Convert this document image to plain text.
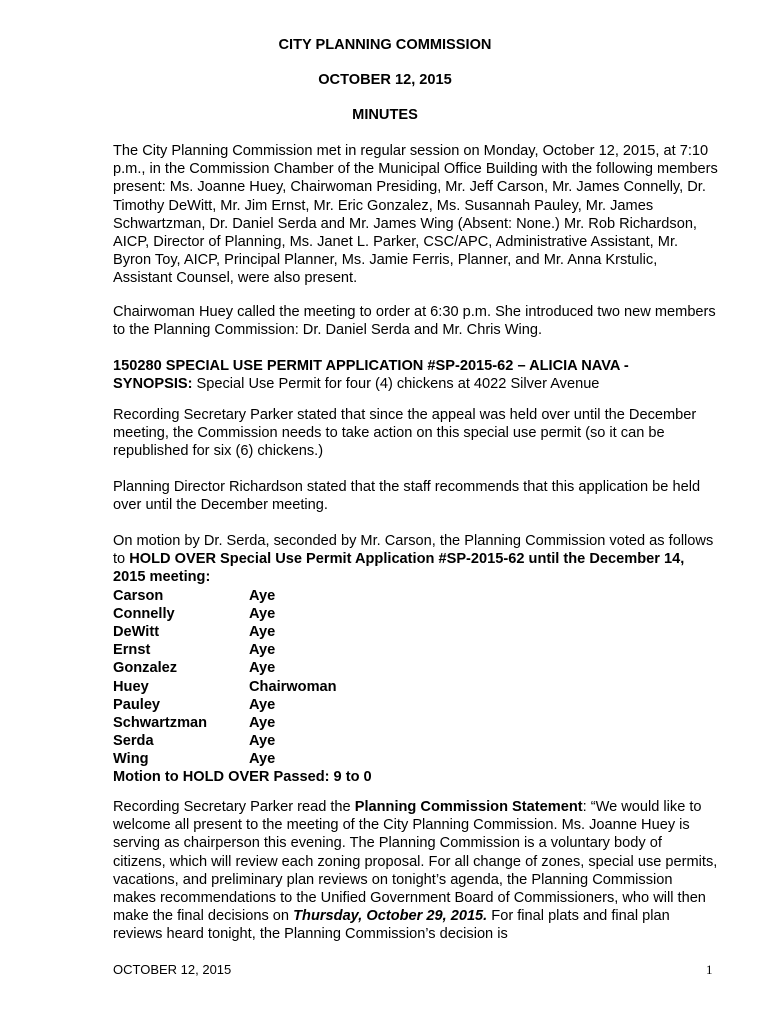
CITY PLANNING COMMISSION
OCTOBER 12, 2015
MINUTES
The City Planning Commission met in regular session on Monday, October 12, 2015, at 7:10 p.m., in the Commission Chamber of the Municipal Office Building with the following members present: Ms. Joanne Huey, Chairwoman Presiding, Mr. Jeff Carson, Mr. James Connelly, Dr. Timothy DeWitt, Mr. Jim Ernst, Mr. Eric Gonzalez, Ms. Susannah Pauley, Mr. James Schwartzman, Dr. Daniel Serda and Mr. James Wing (Absent: None.) Mr. Rob Richardson, AICP, Director of Planning, Ms. Janet L. Parker, CSC/APC, Administrative Assistant, Mr. Byron Toy, AICP, Principal Planner, Ms. Jamie Ferris, Planner, and Mr. Anna Krstulic, Assistant Counsel, were also present.
Chairwoman Huey called the meeting to order at 6:30 p.m. She introduced two new members to the Planning Commission: Dr. Daniel Serda and Mr. Chris Wing.
150280 SPECIAL USE PERMIT APPLICATION #SP-2015-62 – ALICIA NAVA -
SYNOPSIS: Special Use Permit for four (4) chickens at 4022 Silver Avenue
Recording Secretary Parker stated that since the appeal was held over until the December meeting, the Commission needs to take action on this special use permit (so it can be republished for six (6) chickens.)
Planning Director Richardson stated that the staff recommends that this application be held over until the December meeting.
On motion by Dr. Serda, seconded by Mr. Carson, the Planning Commission voted as follows to HOLD OVER Special Use Permit Application #SP-2015-62 until the December 14, 2015 meeting:
Carson	Aye
Connelly	Aye
DeWitt	Aye
Ernst	Aye
Gonzalez	Aye
Huey	Chairwoman
Pauley	Aye
Schwartzman	Aye
Serda	Aye
Wing	Aye
Motion to HOLD OVER Passed: 9 to 0
Recording Secretary Parker read the Planning Commission Statement: “We would like to welcome all present to the meeting of the City Planning Commission. Ms. Joanne Huey is serving as chairperson this evening. The Planning Commission is a voluntary body of citizens, which will review each zoning proposal. For all change of zones, special use permits, vacations, and preliminary plan reviews on tonight’s agenda, the Planning Commission makes recommendations to the Unified Government Board of Commissioners, who will then make the final decisions on Thursday, October 29, 2015. For final plats and final plan reviews heard tonight, the Planning Commission’s decision is
OCTOBER 12, 2015	1
